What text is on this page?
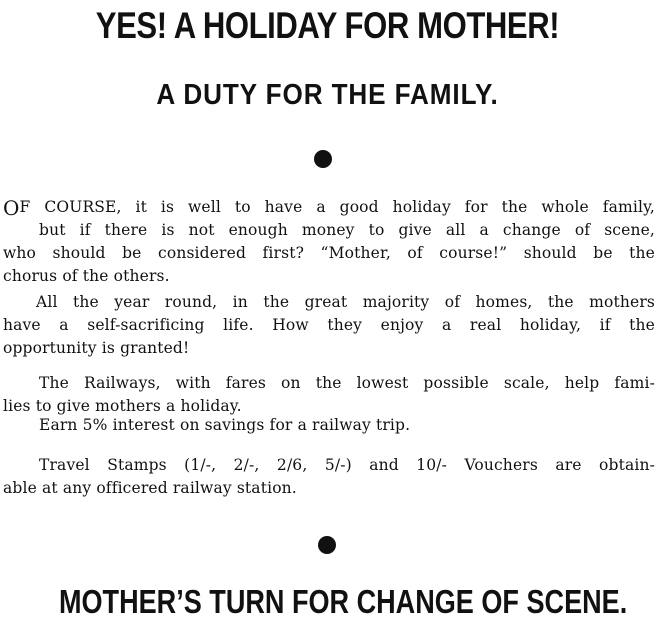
YES! A HOLIDAY FOR MOTHER!
A DUTY FOR THE FAMILY.
OF COURSE, it is well to have a good holiday for the whole family,
but if there is not enough money to give all a change of scene,
who should be considered first? “Mother, of course!” should be the
chorus of the others.
All the year round, in the great majority of homes, the mothers
have a self-sacrificing life. How they enjoy a real holiday, if the
opportunity is granted!
The Railways, with fares on the lowest possible scale, help fami-
lies to give mothers a holiday.
Earn 5% interest on savings for a railway trip.
Travel Stamps (1/-, 2/-, 2/6, 5/-) and 10/- Vouchers are obtain-
able at any officered railway station.
MOTHER’S TURN FOR CHANGE OF SCENE.
